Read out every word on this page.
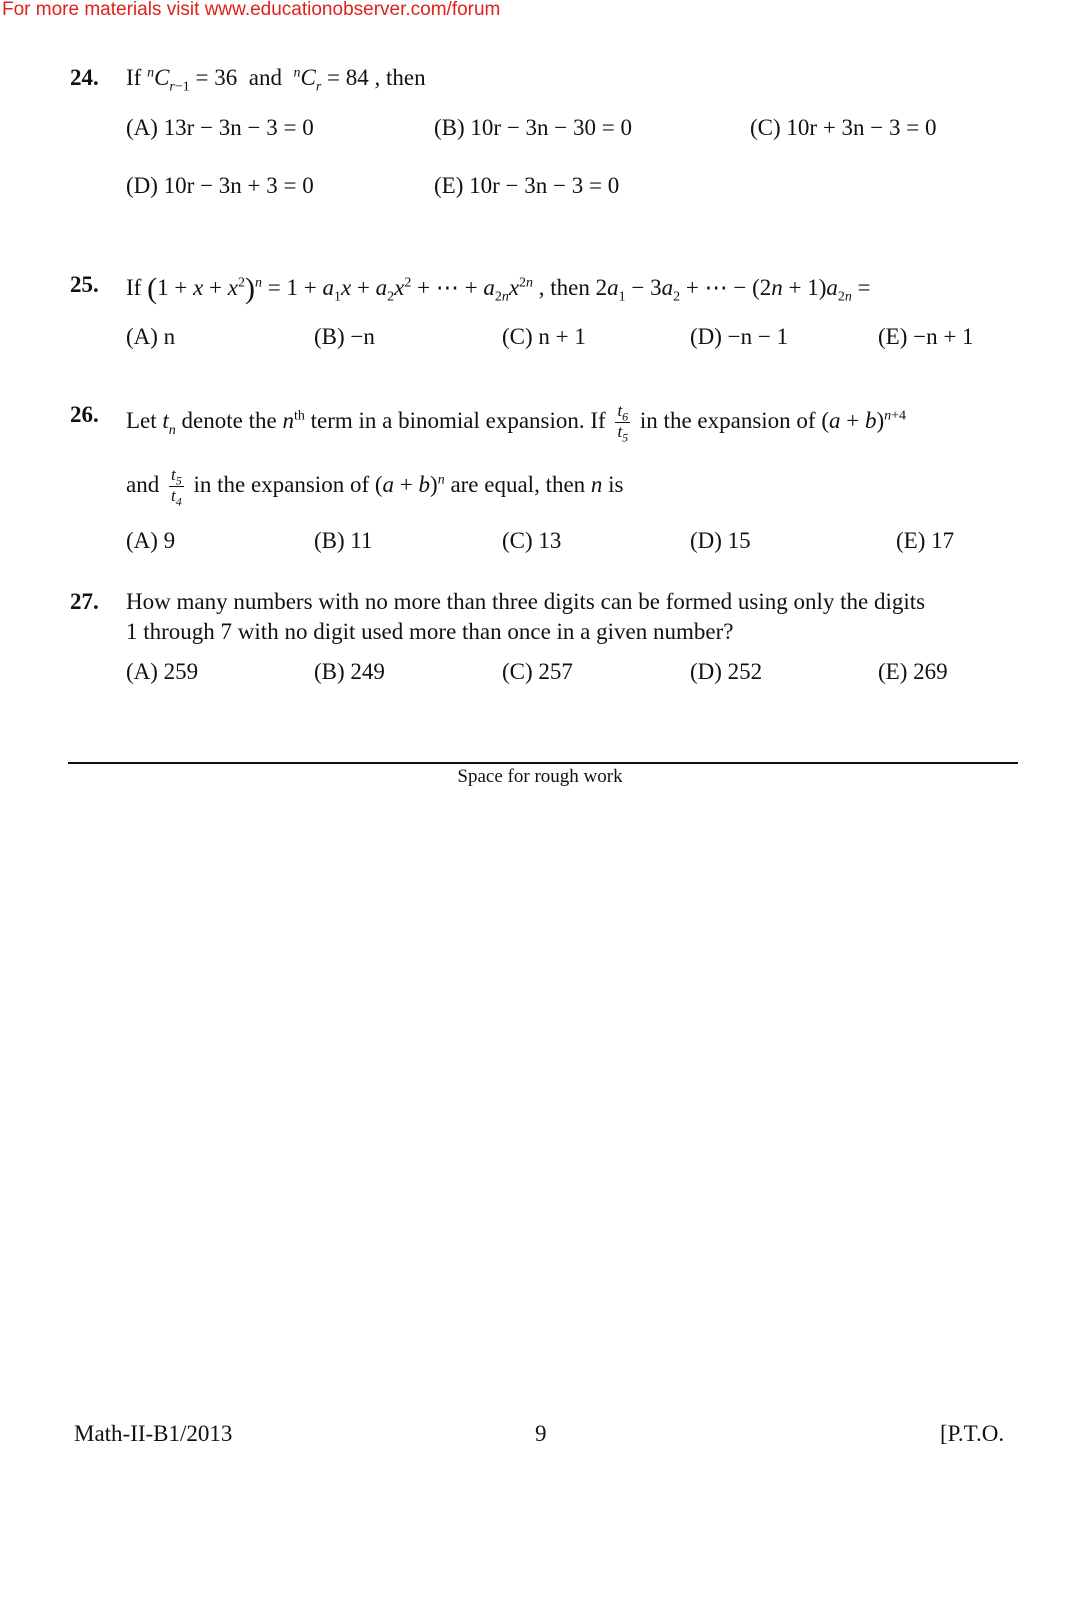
For more materials visit www.educationobserver.com/forum
24. If $^nC_{r-1} = 36$  and  $^nC_r = 84$ , then
(A) 13r − 3n − 3 = 0	(B) 10r − 3n − 30 = 0	(C) 10r + 3n − 3 = 0
(D) 10r − 3n + 3 = 0	(E) 10r − 3n − 3 = 0
25. If $(1 + x + x^2)^n = 1 + a_1x + a_2x^2$ + ⋯ + $a_{2n}x^{2n}$ , then $2a_1 - 3a_2$ + ⋯ − $(2n + 1)a_{2n}$ =
(A) n	(B) −n	(C) n + 1	(D) −n − 1	(E) −n + 1
26. Let $t_n$ denote the $n^{th}$ term in a binomial expansion. If $\frac{t_6}{t_5}$ in the expansion of $(a + b)^{n+4}$
and $\frac{t_5}{t_4}$ in the expansion of $(a + b)^n$ are equal, then n is
(A) 9	(B) 11	(C) 13	(D) 15	(E) 17
27. How many numbers with no more than three digits can be formed using only the digits
1 through 7 with no digit used more than once in a given number?
(A) 259	(B) 249	(C) 257	(D) 252	(E) 269
Space for rough work
Math-II-B1/2013	9	[P.T.O.
